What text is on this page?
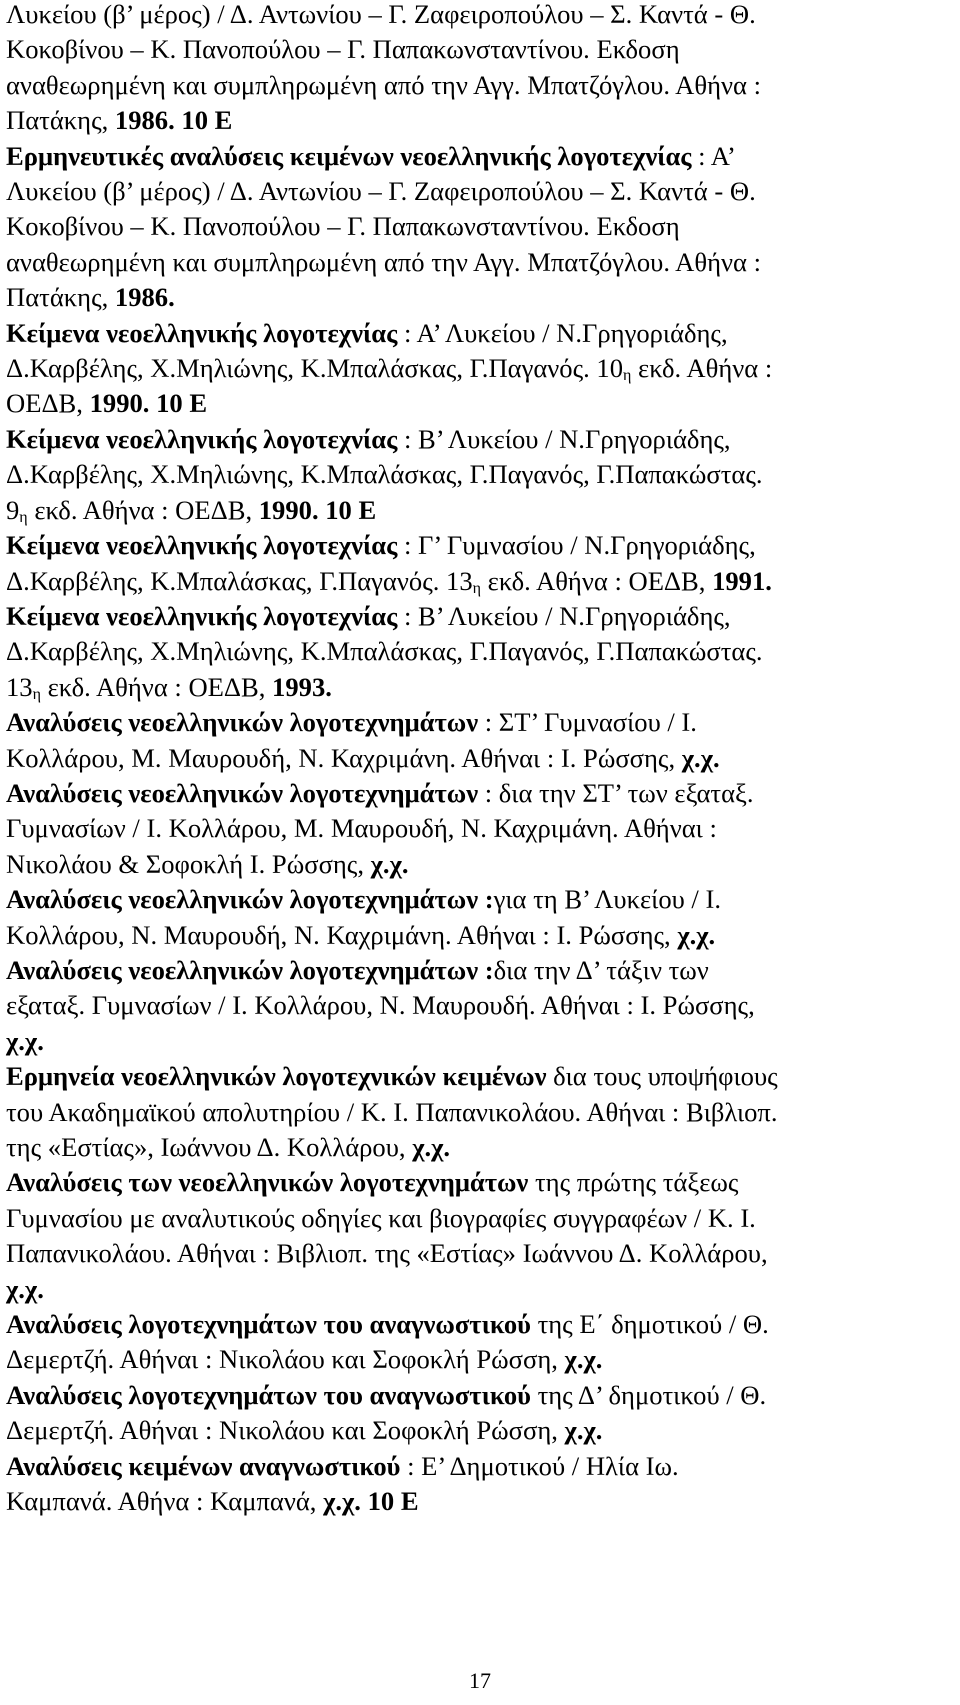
Λυκείου (β’ μέρος) / Δ. Αντωνίου – Γ. Ζαφειροπούλου – Σ. Καντά - Θ.
Κοκοβίνου – Κ. Πανοπούλου – Γ. Παπακωνσταντίνου. Εκδοση
αναθεωρημένη και συμπληρωμένη από την Αγγ. Μπατζόγλου. Αθήνα :
Πατάκης, 1986. 10 Ε
Ερμηνευτικές αναλύσεις κειμένων νεοελληνικής λογοτεχνίας : Α’
Λυκείου (β’ μέρος) / Δ. Αντωνίου – Γ. Ζαφειροπούλου – Σ. Καντά - Θ.
Κοκοβίνου – Κ. Πανοπούλου – Γ. Παπακωνσταντίνου. Εκδοση
αναθεωρημένη και συμπληρωμένη από την Αγγ. Μπατζόγλου. Αθήνα :
Πατάκης, 1986.
Κείμενα νεοελληνικής λογοτεχνίας : Α’ Λυκείου / Ν.Γρηγοριάδης,
Δ.Καρβέλης, Χ.Μηλιώνης, Κ.Μπαλάσκας, Γ.Παγανός. 10η εκδ. Αθήνα :
ΟΕΔΒ, 1990. 10 Ε
Κείμενα νεοελληνικής λογοτεχνίας : Β’ Λυκείου / Ν.Γρηγοριάδης,
Δ.Καρβέλης, Χ.Μηλιώνης, Κ.Μπαλάσκας, Γ.Παγανός, Γ.Παπακώστας.
9η εκδ. Αθήνα : ΟΕΔΒ, 1990. 10 Ε
Κείμενα νεοελληνικής λογοτεχνίας : Γ’ Γυμνασίου / Ν.Γρηγοριάδης,
Δ.Καρβέλης, Κ.Μπαλάσκας, Γ.Παγανός. 13η εκδ. Αθήνα : ΟΕΔΒ, 1991.
Κείμενα νεοελληνικής λογοτεχνίας : Β’ Λυκείου / Ν.Γρηγοριάδης,
Δ.Καρβέλης, Χ.Μηλιώνης, Κ.Μπαλάσκας, Γ.Παγανός, Γ.Παπακώστας.
13η εκδ. Αθήνα : ΟΕΔΒ, 1993.
Αναλύσεις νεοελληνικών λογοτεχνημάτων : ΣΤ’ Γυμνασίου / Ι.
Κολλάρου, Μ. Μαυρουδή, Ν. Καχριμάνη. Αθήναι : Ι. Ρώσσης, χ.χ.
Αναλύσεις νεοελληνικών λογοτεχνημάτων : δια την ΣΤ’ των εξαταξ.
Γυμνασίων / Ι. Κολλάρου, Μ. Μαυρουδή, Ν. Καχριμάνη. Αθήναι :
Νικολάου & Σοφοκλή Ι. Ρώσσης, χ.χ.
Αναλύσεις νεοελληνικών λογοτεχνημάτων :για τη Β’ Λυκείου / Ι.
Κολλάρου, Ν. Μαυρουδή, Ν. Καχριμάνη. Αθήναι : Ι. Ρώσσης, χ.χ.
Αναλύσεις νεοελληνικών λογοτεχνημάτων :δια την Δ’ τάξιν των
εξαταξ. Γυμνασίων / Ι. Κολλάρου, Ν. Μαυρουδή. Αθήναι : Ι. Ρώσσης,
χ.χ.
Ερμηνεία νεοελληνικών λογοτεχνικών κειμένων δια τους υποψήφιους
του Ακαδημαϊκού απολυτηρίου / Κ. Ι. Παπανικολάου. Αθήναι : Βιβλιοπ.
της «Εστίας», Ιωάννου Δ. Κολλάρου, χ.χ.
Αναλύσεις των νεοελληνικών λογοτεχνημάτων της πρώτης τάξεως
Γυμνασίου με αναλυτικούς οδηγίες και βιογραφίες συγγραφέων / Κ. Ι.
Παπανικολάου. Αθήναι : Βιβλιοπ. της «Εστίας» Ιωάννου Δ. Κολλάρου,
χ.χ.
Αναλύσεις λογοτεχνημάτων του αναγνωστικού της Ε΄ δημοτικού / Θ.
Δεμερτζή. Αθήναι : Νικολάου και Σοφοκλή Ρώσση, χ.χ.
Αναλύσεις λογοτεχνημάτων του αναγνωστικού της Δ’ δημοτικού / Θ.
Δεμερτζή. Αθήναι : Νικολάου και Σοφοκλή Ρώσση, χ.χ.
Αναλύσεις κειμένων αναγνωστικού : Ε’ Δημοτικού / Ηλία Ιω.
Καμπανά. Αθήνα : Καμπανά, χ.χ. 10 Ε
17
